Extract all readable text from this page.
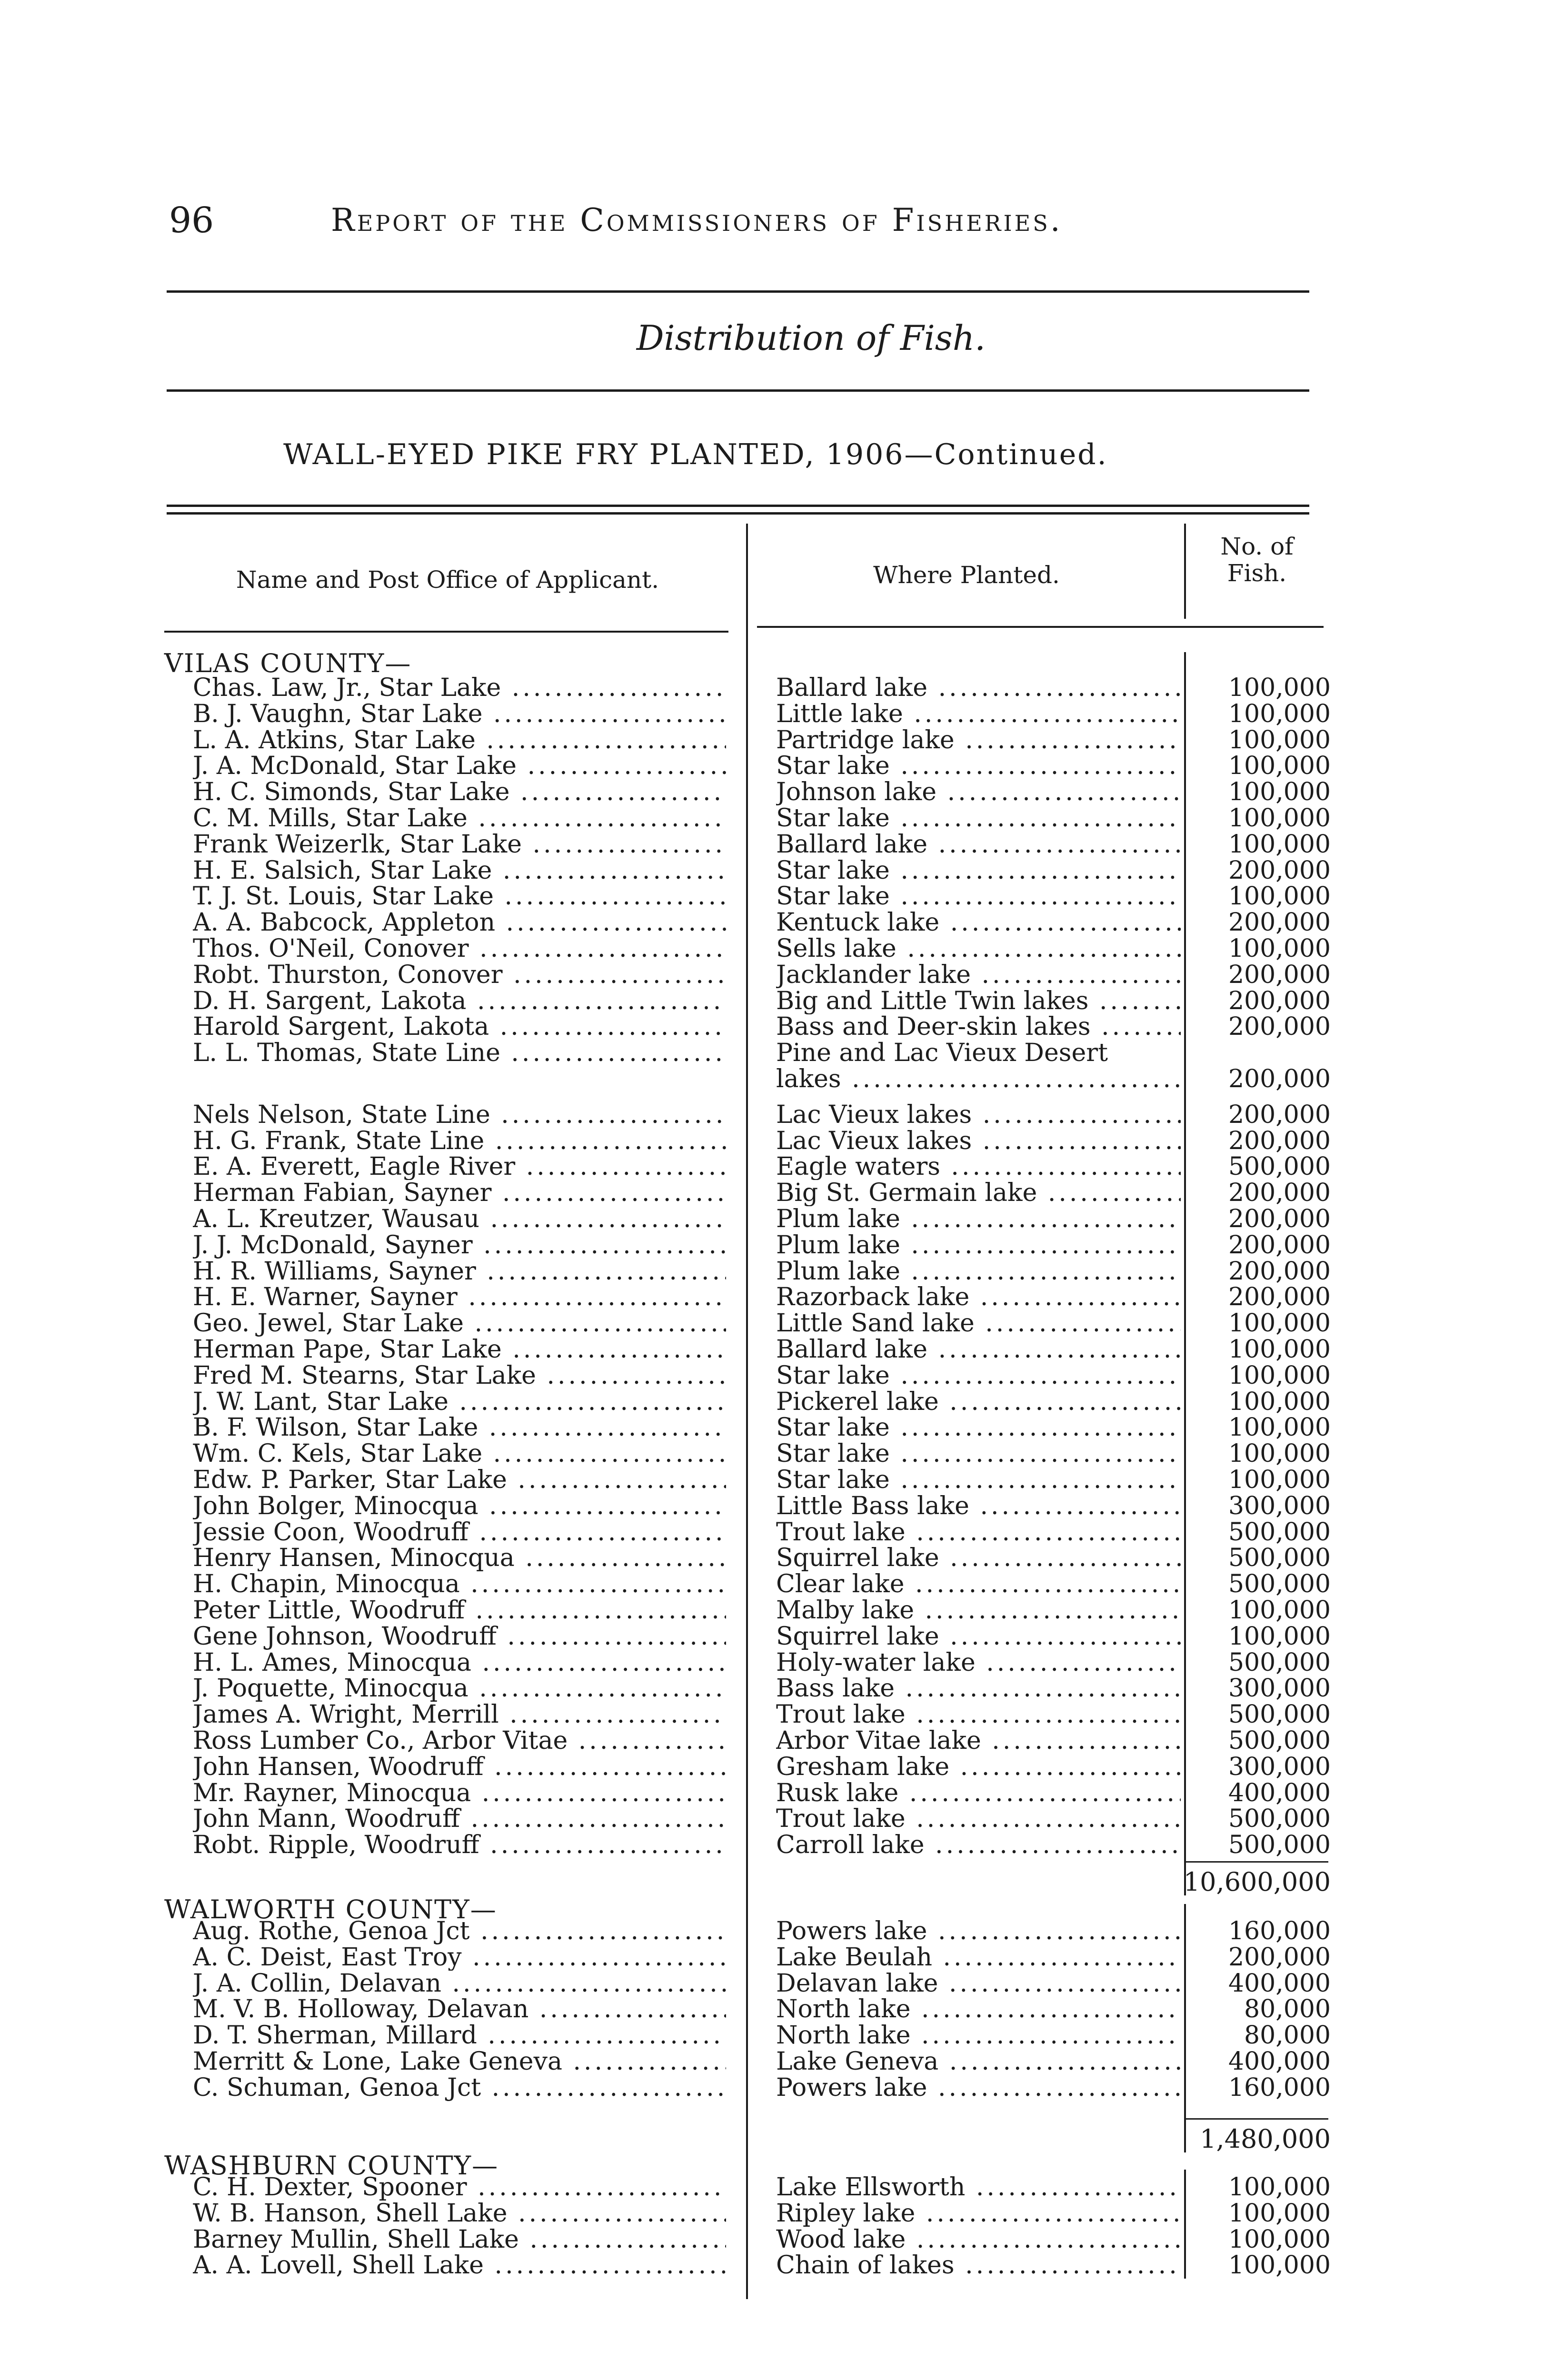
96	Report of the Commissioners of Fisheries.
Distribution of Fish.
WALL-EYED PIKE FRY PLANTED, 1906—Continued.
Name and Post Office of Applicant.	Where Planted.
No. of Fish.
VILAS COUNTY—
Chas. Law, Jr., Star Lake .....	Ballard lake .....	100,000
B. J. Vaughn, Star Lake .....	Little lake .....	100,000
L. A. Atkins, Star Lake .....	Partridge lake .....	100,000
J. A. McDonald, Star Lake .....	Star lake .....	100,000
H. C. Simonds, Star Lake .....	Johnson lake .....	100,000
C. M. Mills, Star Lake .....	Star lake .....	100,000
Frank Weizerlk, Star Lake .....	Ballard lake .....	100,000
H. E. Salsich, Star Lake .....	Star lake .....	200,000
T. J. St. Louis, Star Lake .....	Star lake .....	100,000
A. A. Babcock, Appleton .....	Kentuck lake .....	200,000
Thos. O'Neil, Conover .....	Sells lake .....	100,000
Robt. Thurston, Conover .....	Jacklander lake .....	200,000
D. H. Sargent, Lakota .....	Big and Little Twin lakes .....	200,000
Harold Sargent, Lakota .....	Bass and Deer-skin lakes .....	200,000
L. L. Thomas, State Line .....	Pine and Lac Vieux Desert
lakes .....	200,000
Nels Nelson, State Line .....	Lac Vieux lakes .....	200,000
H. G. Frank, State Line .....	Lac Vieux lakes .....	200,000
E. A. Everett, Eagle River .....	Eagle waters .....	500,000
Herman Fabian, Sayner .....	Big St. Germain lake .....	200,000
A. L. Kreutzer, Wausau .....	Plum lake .....	200,000
J. J. McDonald, Sayner .....	Plum lake .....	200,000
H. R. Williams, Sayner .....	Plum lake .....	200,000
H. E. Warner, Sayner .....	Razorback lake .....	200,000
Geo. Jewel, Star Lake .....	Little Sand lake .....	100,000
Herman Pape, Star Lake .....	Ballard lake .....	100,000
Fred M. Stearns, Star Lake .....	Star lake .....	100,000
J. W. Lant, Star Lake .....	Pickerel lake .....	100,000
B. F. Wilson, Star Lake .....	Star lake .....	100,000
Wm. C. Kels, Star Lake .....	Star lake .....	100,000
Edw. P. Parker, Star Lake .....	Star lake .....	100,000
John Bolger, Minocqua .....	Little Bass lake .....	300,000
Jessie Coon, Woodruff .....	Trout lake .....	500,000
Henry Hansen, Minocqua .....	Squirrel lake .....	500,000
H. Chapin, Minocqua .....	Clear lake .....	500,000
Peter Little, Woodruff .....	Malby lake .....	100,000
Gene Johnson, Woodruff .....	Squirrel lake .....	100,000
H. L. Ames, Minocqua .....	Holy-water lake .....	500,000
J. Poquette, Minocqua .....	Bass lake .....	300,000
James A. Wright, Merrill .....	Trout lake .....	500,000
Ross Lumber Co., Arbor Vitae .....	Arbor Vitae lake .....	500,000
John Hansen, Woodruff .....	Gresham lake .....	300,000
Mr. Rayner, Minocqua .....	Rusk lake .....	400,000
John Mann, Woodruff .....	Trout lake .....	500,000
Robt. Ripple, Woodruff .....	Carroll lake .....	500,000
10,600,000
WALWORTH COUNTY—
Aug. Rothe, Genoa Jct .....	Powers lake .....	160,000
A. C. Deist, East Troy .....	Lake Beulah .....	200,000
J. A. Collin, Delavan .....	Delavan lake .....	400,000
M. V. B. Holloway, Delavan .....	North lake .....	80,000
D. T. Sherman, Millard .....	North lake .....	80,000
Merritt & Lone, Lake Geneva .....	Lake Geneva .....	400,000
C. Schuman, Genoa Jct .....	Powers lake .....	160,000
1,480,000
WASHBURN COUNTY—
C. H. Dexter, Spooner .....	Lake Ellsworth .....	100,000
W. B. Hanson, Shell Lake .....	Ripley lake .....	100,000
Barney Mullin, Shell Lake .....	Wood lake .....	100,000
A. A. Lovell, Shell Lake .....	Chain of lakes .....	100,000
